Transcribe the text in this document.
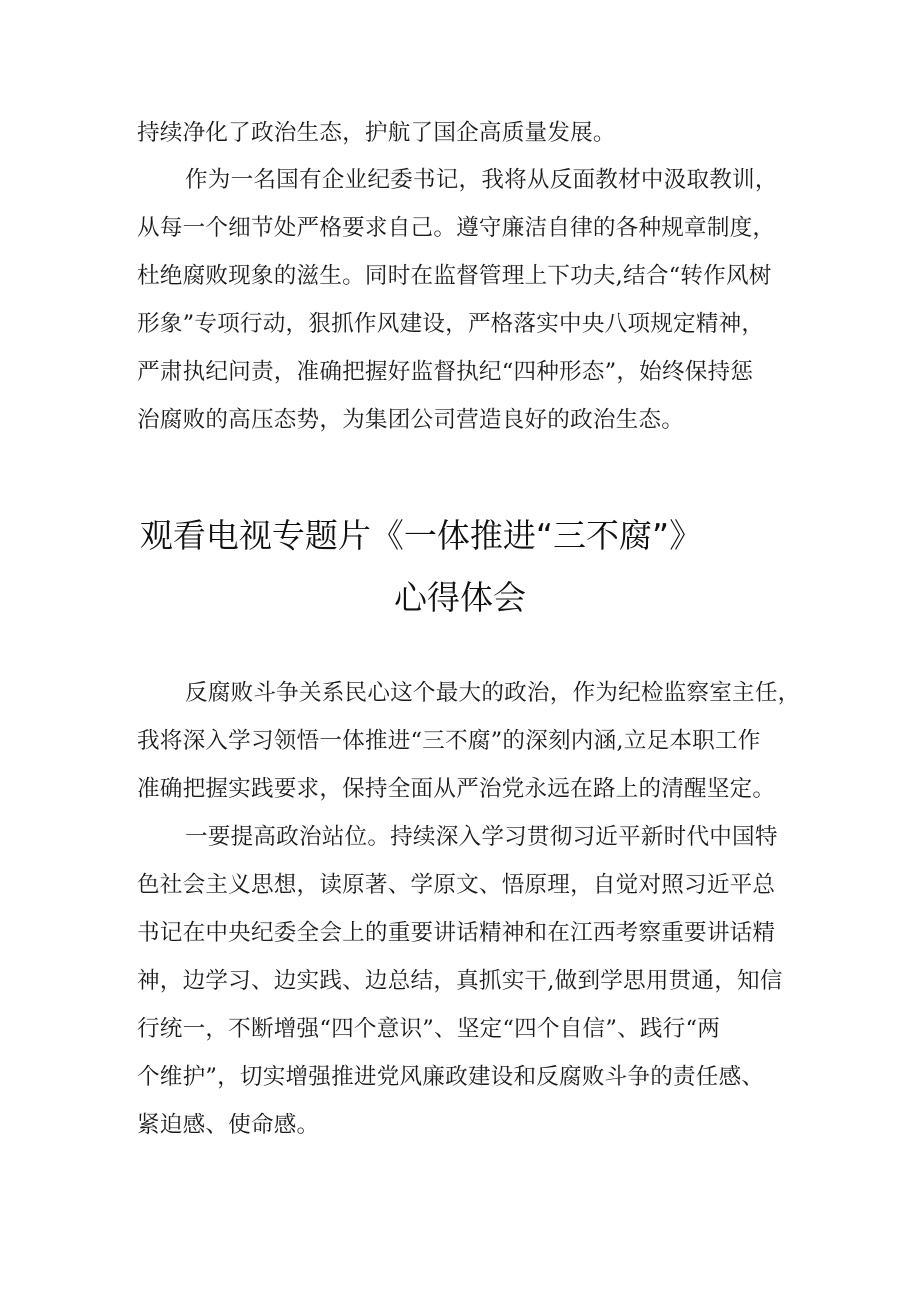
持续净化了政治生态，护航了国企高质量发展。
作为一名国有企业纪委书记，我将从反面教材中汲取教训，
从每一个细节处严格要求自己。遵守廉洁自律的各种规章制度，
杜绝腐败现象的滋生。同时在监督管理上下功夫,结合“转作风树
形象”专项行动，狠抓作风建设，严格落实中央八项规定精神，
严肃执纪问责，准确把握好监督执纪“四种形态”，始终保持惩
治腐败的高压态势，为集团公司营造良好的政治生态。
观看电视专题片《一体推进“三不腐”》
心得体会
反腐败斗争关系民心这个最大的政治，作为纪检监察室主任，
我将深入学习领悟一体推进“三不腐”的深刻内涵,立足本职工作
准确把握实践要求，保持全面从严治党永远在路上的清醒坚定。
一要提高政治站位。持续深入学习贯彻习近平新时代中国特
色社会主义思想，读原著、学原文、悟原理，自觉对照习近平总
书记在中央纪委全会上的重要讲话精神和在江西考察重要讲话精
神，边学习、边实践、边总结，真抓实干,做到学思用贯通，知信
行统一，不断增强“四个意识”、坚定“四个自信”、践行“两
个维护”，切实增强推进党风廉政建设和反腐败斗争的责任感、
紧迫感、使命感。
